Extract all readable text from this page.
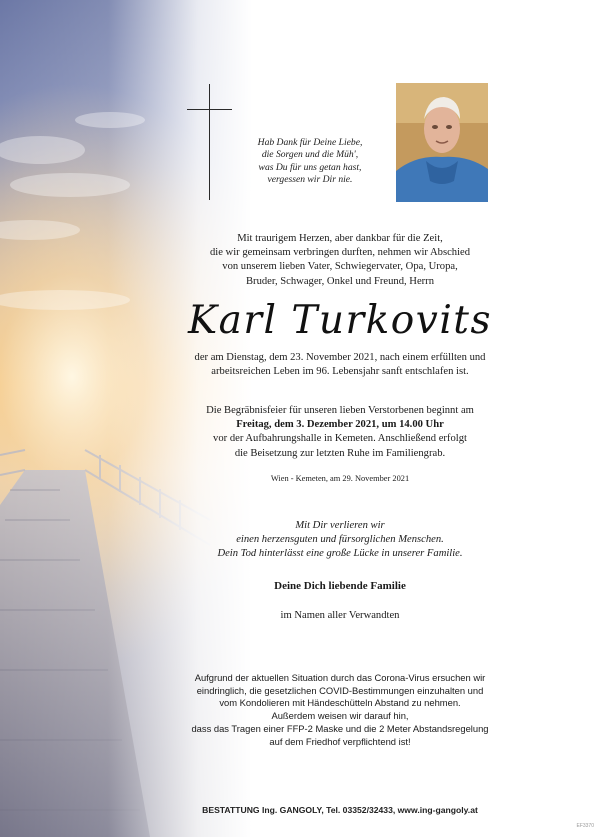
Hab Dank für Deine Liebe,
die Sorgen und die Müh',
was Du für uns getan hast,
vergessen wir Dir nie.
Mit traurigem Herzen, aber dankbar für die Zeit,
die wir gemeinsam verbringen durften, nehmen wir Abschied
von unserem lieben Vater, Schwiegervater, Opa, Uropa,
Bruder, Schwager, Onkel und Freund, Herrn
Karl Turkovits
der am Dienstag, dem 23. November 2021, nach einem erfüllten und
arbeitsreichen Leben im 96. Lebensjahr sanft entschlafen ist.
Die Begräbnisfeier für unseren lieben Verstorbenen beginnt am
Freitag, dem 3. Dezember 2021, um 14.00 Uhr
vor der Aufbahrungshalle in Kemeten. Anschließend erfolgt
die Beisetzung zur letzten Ruhe im Familiengrab.
Wien - Kemeten, am 29. November 2021
Mit Dir verlieren wir
einen herzensguten und fürsorglichen Menschen.
Dein Tod hinterlässt eine große Lücke in unserer Familie.
Deine Dich liebende Familie
im Namen aller Verwandten
Aufgrund der aktuellen Situation durch das Corona-Virus ersuchen wir
eindringlich, die gesetzlichen COVID-Bestimmungen einzuhalten und
vom Kondolieren mit Händeschütteln Abstand zu nehmen.
Außerdem weisen wir darauf hin,
dass das Tragen einer FFP-2 Maske und die 2 Meter Abstandsregelung
auf dem Friedhof verpflichtend ist!
BESTATTUNG Ing. GANGOLY, Tel. 03352/32433, www.ing-gangoly.at
EF3370
